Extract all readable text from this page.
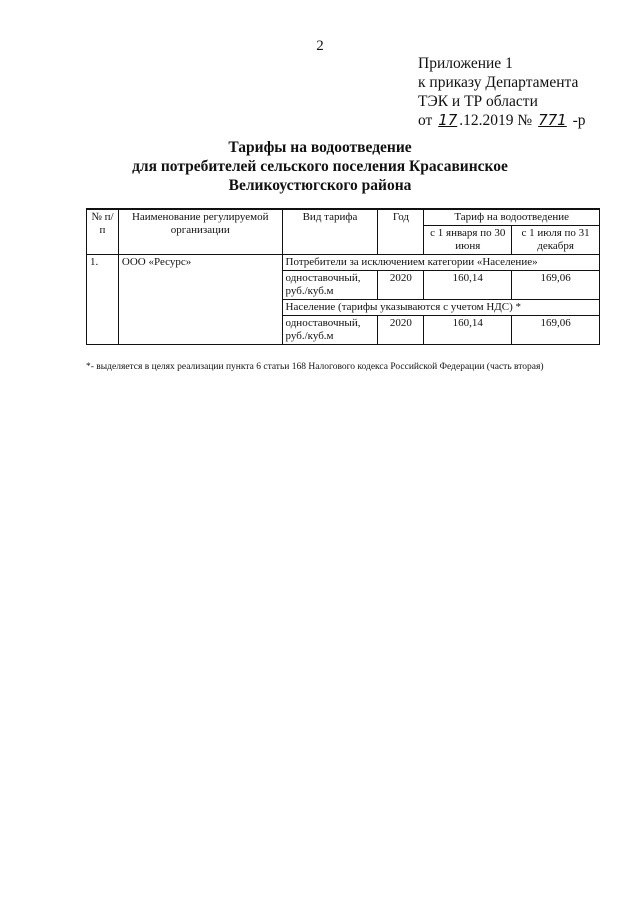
2
Приложение 1
к приказу Департамента
ТЭК и ТР области
от 17 .12.2019 № 771 -р
Тарифы на водоотведение
для потребителей сельского поселения Красавинское
Великоустюгского района
№ п/п	Наименование регулируемой организации	Вид тарифа	Год	Тариф на водоотведение	
				с 1 января по 30 июня	с 1 июля по 31 декабря
1.	ООО «Ресурс»	Потребители за исключением категории «Население»			
		одноставочный, руб./куб.м	2020	160,14	169,06
		Население (тарифы указываются с учетом НДС) *			
		одноставочный, руб./куб.м	2020	160,14	169,06
*- выделяется в целях реализации пункта 6 статьи 168 Налогового кодекса Российской Федерации (часть вторая)
